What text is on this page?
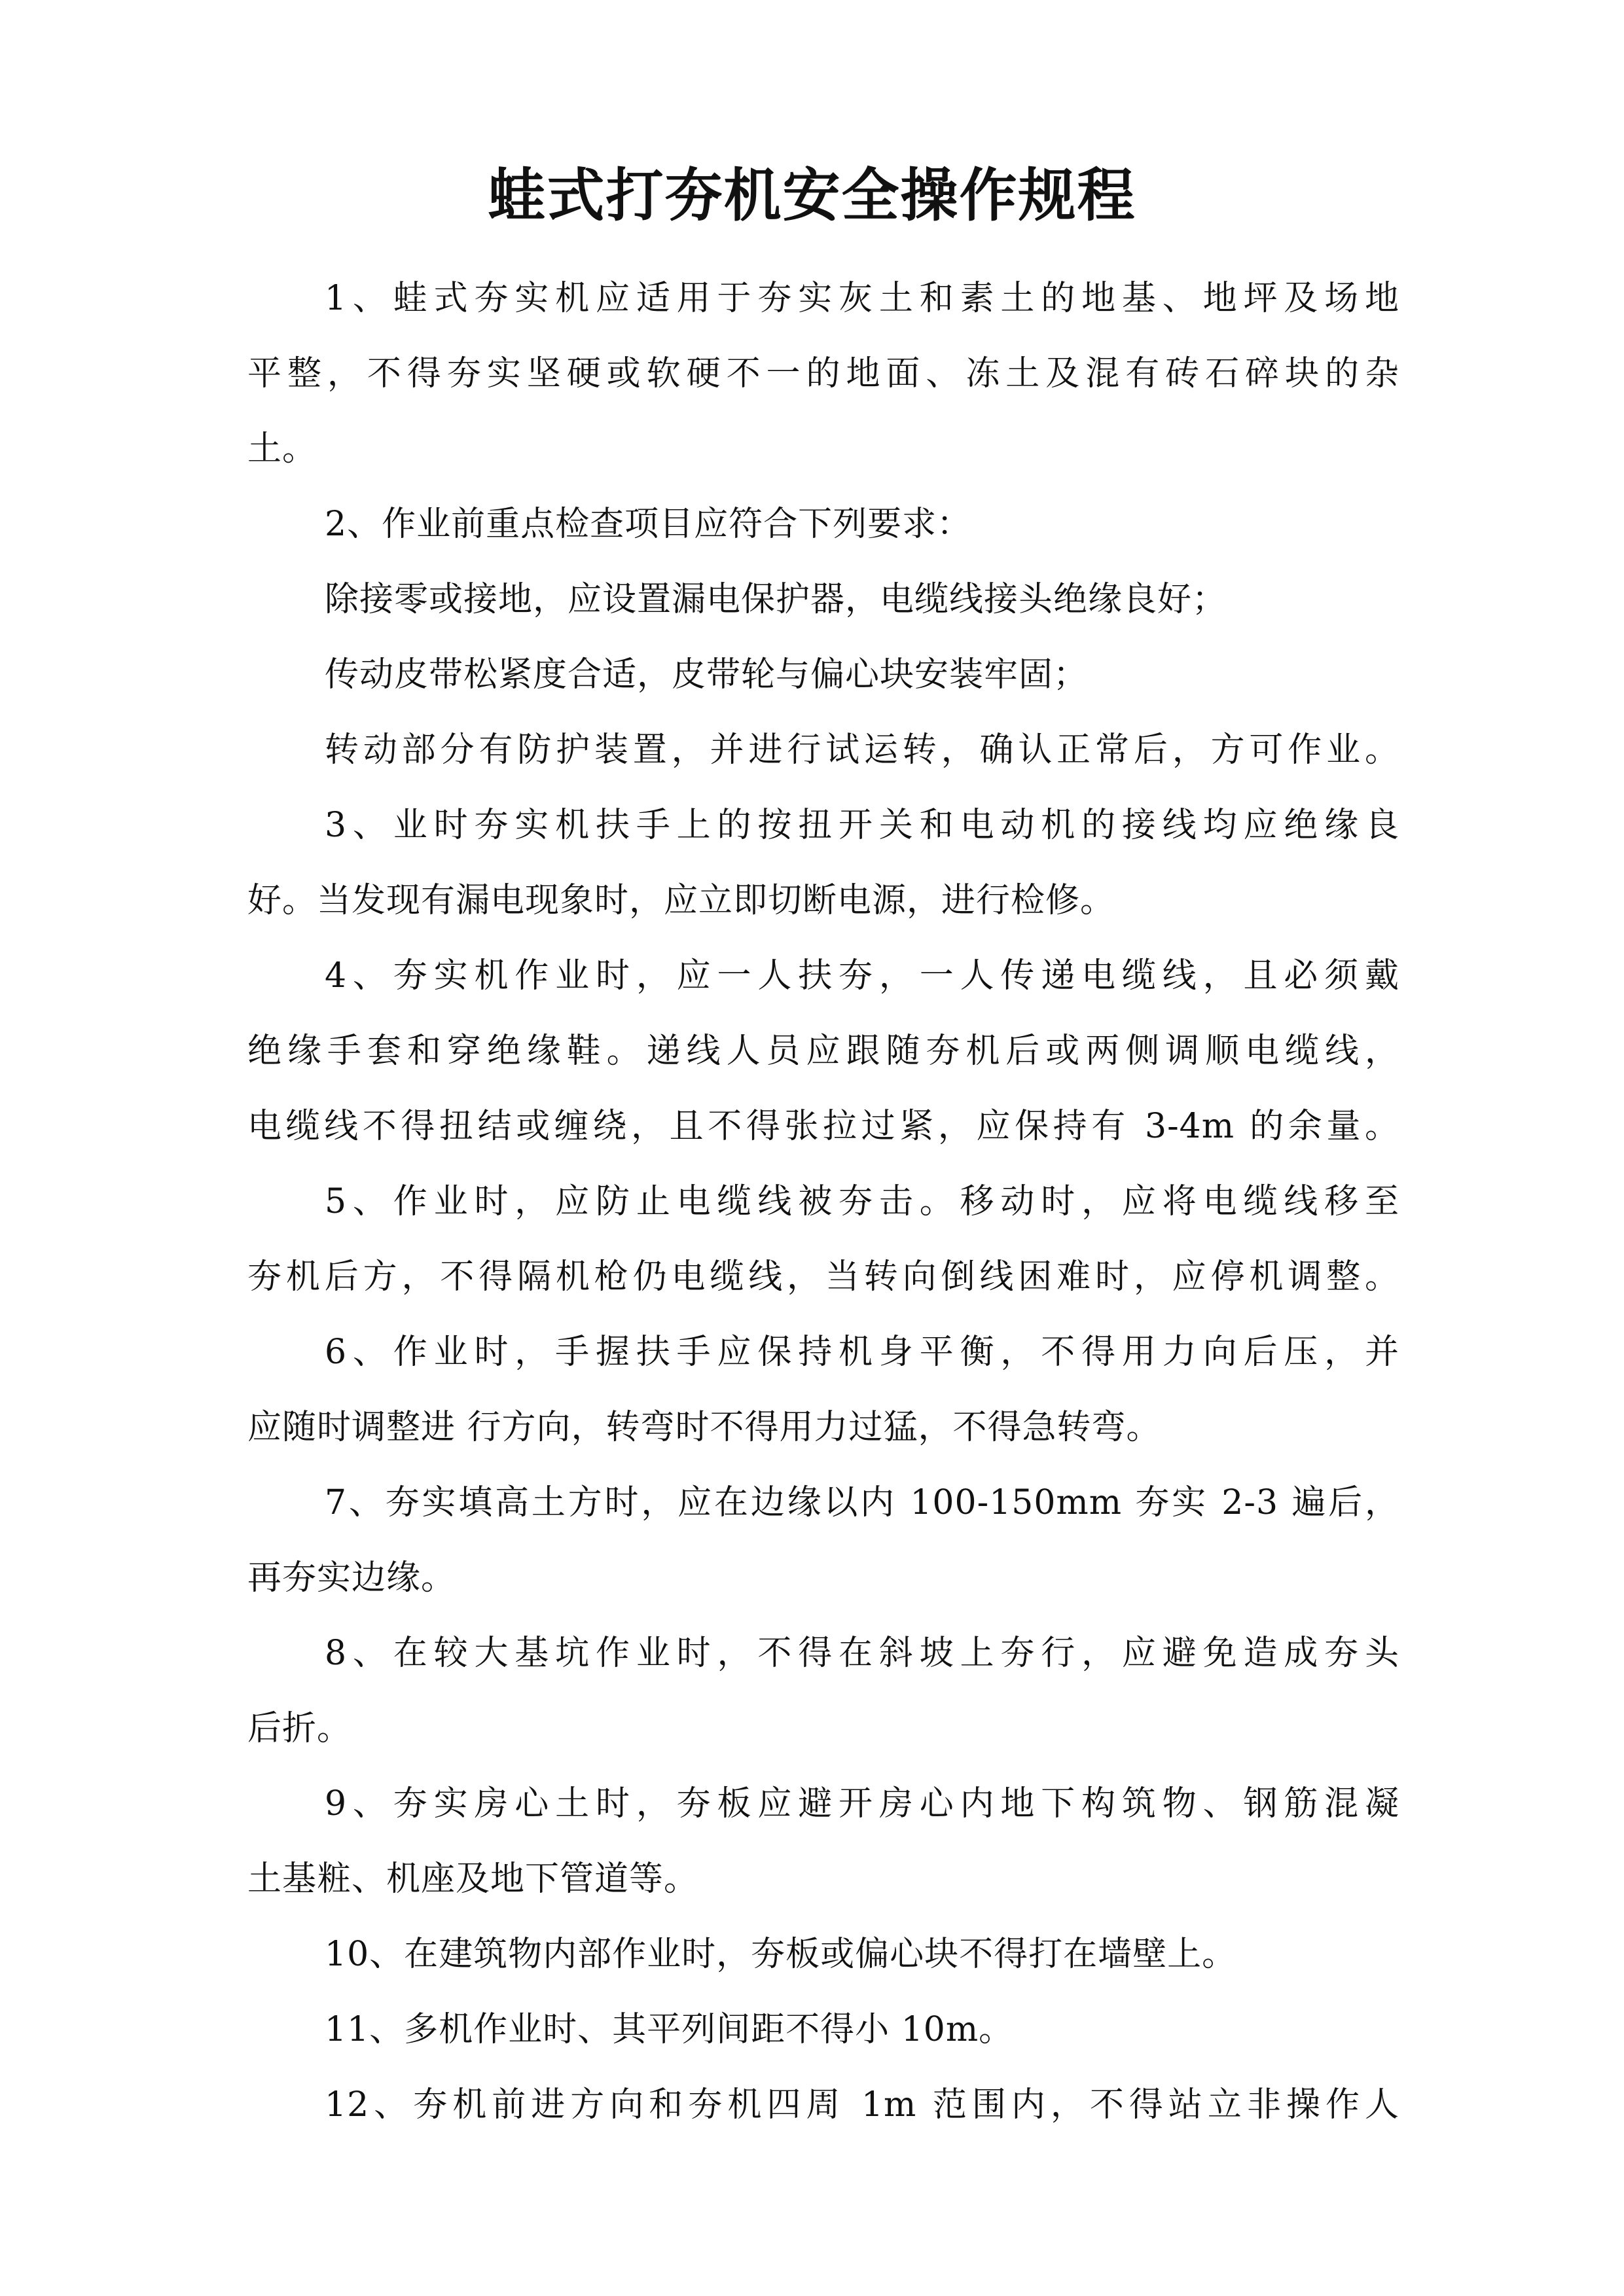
蛙式打夯机安全操作规程
1、蛙式夯实机应适用于夯实灰土和素土的地基、地坪及场地
平整，不得夯实坚硬或软硬不一的地面、冻土及混有砖石碎块的杂
土。
2、作业前重点检查项目应符合下列要求：
除接零或接地，应设置漏电保护器，电缆线接头绝缘良好；
传动皮带松紧度合适，皮带轮与偏心块安装牢固；
转动部分有防护装置，并进行试运转，确认正常后，方可作业。
3、业时夯实机扶手上的按扭开关和电动机的接线均应绝缘良
好。当发现有漏电现象时，应立即切断电源，进行检修。
4、夯实机作业时，应一人扶夯，一人传递电缆线，且必须戴
绝缘手套和穿绝缘鞋。递线人员应跟随夯机后或两侧调顺电缆线，
电缆线不得扭结或缠绕，且不得张拉过紧，应保持有 3-4m 的余量。
5、作业时，应防止电缆线被夯击。移动时，应将电缆线移至
夯机后方，不得隔机枪仍电缆线，当转向倒线困难时，应停机调整。
6、作业时，手握扶手应保持机身平衡，不得用力向后压，并
应随时调整进 行方向，转弯时不得用力过猛，不得急转弯。
7、夯实填高土方时，应在边缘以内 100-150mm 夯实 2-3 遍后，
再夯实边缘。
8、在较大基坑作业时，不得在斜坡上夯行，应避免造成夯头
后折。
9、夯实房心土时，夯板应避开房心内地下构筑物、钢筋混凝
土基粧、机座及地下管道等。
10、在建筑物内部作业时，夯板或偏心块不得打在墙壁上。
11、多机作业时、其平列间距不得小 10m。
12、夯机前进方向和夯机四周 1m 范围内，不得站立非操作人
